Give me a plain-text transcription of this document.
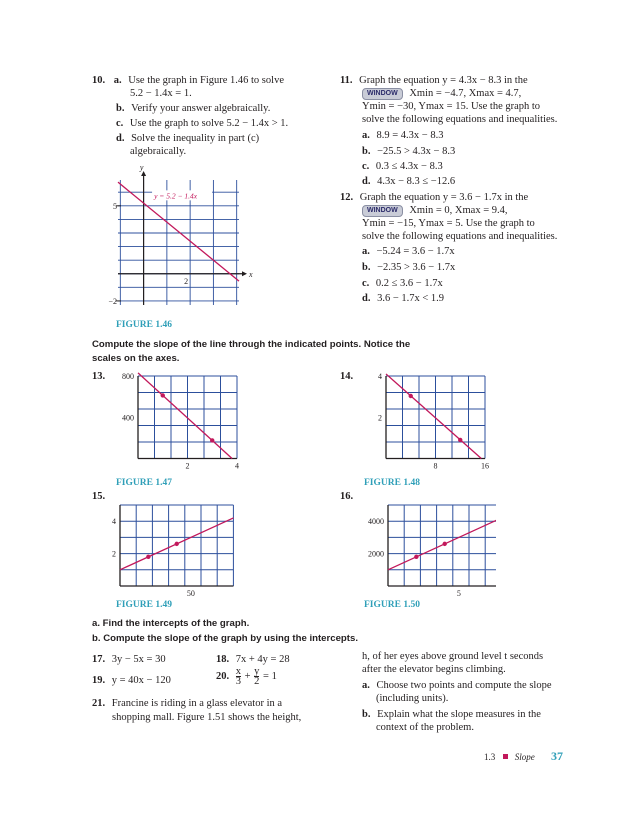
10. a. Use the graph in Figure 1.46 to solve
5.2 − 1.4x = 1.
b. Verify your answer algebraically.
c. Use the graph to solve 5.2 − 1.4x > 1.
d. Solve the inequality in part (c)
algebraically.
x
y
2
5
−2
y = 5.2 − 1.4x
FIGURE 1.46
11. Graph the equation y = 4.3x − 8.3 in the
WINDOW Xmin = −4.7, Xmax = 4.7,
Ymin = −30, Ymax = 15. Use the graph to
solve the following equations and inequalities.
a. 8.9 = 4.3x − 8.3
b. −25.5 > 4.3x − 8.3
c. 0.3 ≤ 4.3x − 8.3
d. 4.3x − 8.3 ≤ −12.6
12. Graph the equation y = 3.6 − 1.7x in the
WINDOW Xmin = 0, Xmax = 9.4,
Ymin = −15, Ymax = 5. Use the graph to
solve the following equations and inequalities.
a. −5.24 = 3.6 − 1.7x
b. −2.35 > 3.6 − 1.7x
c. 0.2 ≤ 3.6 − 1.7x
d. 3.6 − 1.7x < 1.9
Compute the slope of the line through the indicated points. Notice the
scales on the axes.
13.
2	4
400
800
FIGURE 1.47
14.
8	16
2
4
FIGURE 1.48
15.
50
2
4
FIGURE 1.49
16.
5
2000
4000
FIGURE 1.50
a. Find the intercepts of the graph.
b. Compute the slope of the graph by using the intercepts.
17. 3y − 5x = 30	18. 7x + 4y = 28
19. y = 40x − 120	20. $\frac{x}{3} + \frac{y}{2} = 1$
21. Francine is riding in a glass elevator in a
shopping mall. Figure 1.51 shows the height,
h, of her eyes above ground level t seconds
after the elevator begins climbing.
a. Choose two points and compute the slope
(including units).
b. Explain what the slope measures in the
context of the problem.
1.3 Slope 37
